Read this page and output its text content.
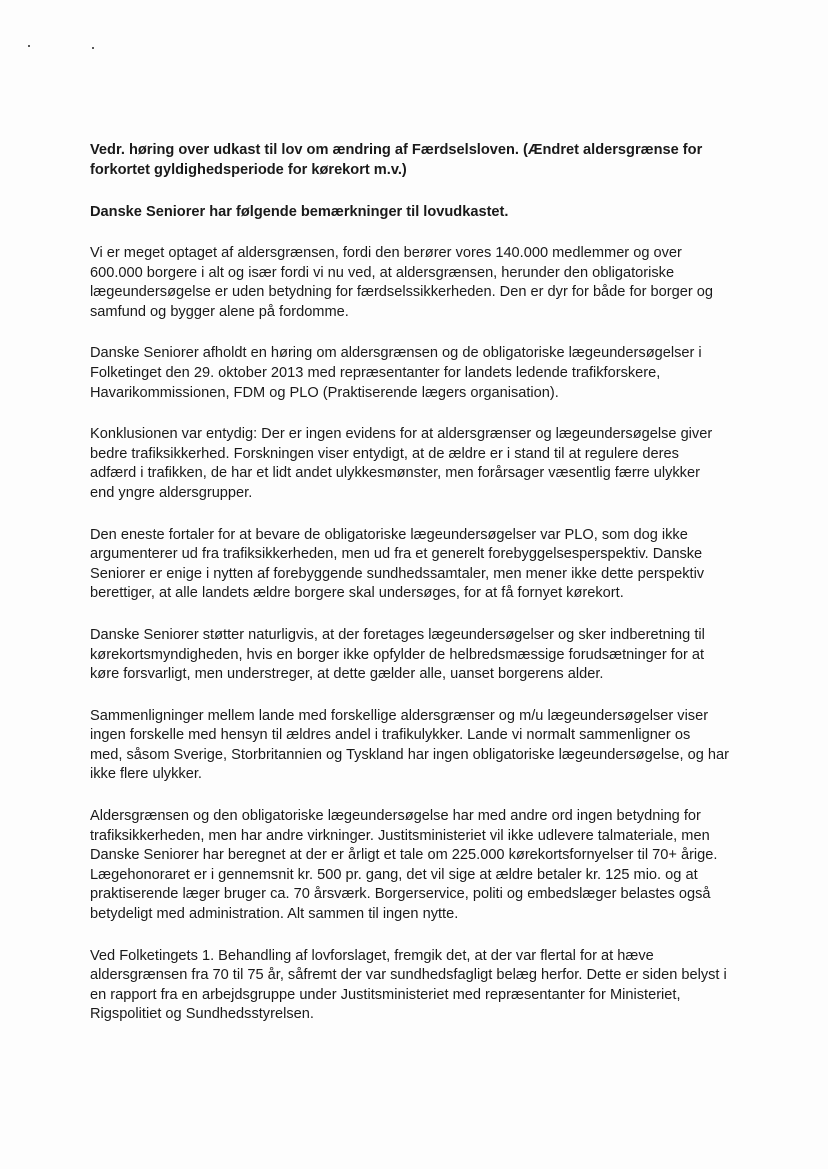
Vedr. høring over udkast til lov om ændring af Færdselsloven. (Ændret aldersgrænse for
forkortet gyldighedsperiode for kørekort m.v.)

Danske Seniorer har følgende bemærkninger til lovudkastet.

Vi er meget optaget af aldersgrænsen, fordi den berører vores 140.000 medlemmer og over
600.000 borgere i alt og især fordi vi nu ved, at aldersgrænsen, herunder den obligatoriske
lægeundersøgelse er uden betydning for færdselssikkerheden. Den er dyr for både for borger og
samfund og bygger alene på fordomme.

Danske Seniorer afholdt en høring om aldersgrænsen og de obligatoriske lægeundersøgelser i
Folketinget den 29. oktober 2013 med repræsentanter for landets ledende trafikforskere,
Havarikommissionen, FDM og PLO (Praktiserende lægers organisation).

Konklusionen var entydig: Der er ingen evidens for at aldersgrænser og lægeundersøgelse giver
bedre trafiksikkerhed. Forskningen viser entydigt, at de ældre er i stand til at regulere deres
adfærd i trafikken, de har et lidt andet ulykkesmønster, men forårsager væsentlig færre ulykker
end yngre aldersgrupper.

Den eneste fortaler for at bevare de obligatoriske lægeundersøgelser var PLO, som dog ikke
argumenterer ud fra trafiksikkerheden, men ud fra et generelt forebyggelsesperspektiv. Danske
Seniorer er enige i nytten af forebyggende sundhedssamtaler, men mener ikke dette perspektiv
berettiger, at alle landets ældre borgere skal undersøges, for at få fornyet kørekort.

Danske Seniorer støtter naturligvis, at der foretages lægeundersøgelser og sker indberetning til
kørekortsmyndigheden, hvis en borger ikke opfylder de helbredsmæssige forudsætninger for at
køre forsvarligt, men understreger, at dette gælder alle, uanset borgerens alder.

Sammenligninger mellem lande med forskellige aldersgrænser og m/u lægeundersøgelser viser
ingen forskelle med hensyn til ældres andel i trafikulykker. Lande vi normalt sammenligner os
med, såsom Sverige, Storbritannien og Tyskland har ingen obligatoriske lægeundersøgelse, og har
ikke flere ulykker.

Aldersgrænsen og den obligatoriske lægeundersøgelse har med andre ord ingen betydning for
trafiksikkerheden, men har andre virkninger. Justitsministeriet vil ikke udlevere talmateriale, men
Danske Seniorer har beregnet at der er årligt et tale om 225.000 kørekortsfornyelser til 70+ årige.
Lægehonoraret er i gennemsnit kr. 500 pr. gang, det vil sige at ældre betaler kr. 125 mio. og at
praktiserende læger bruger ca. 70 årsværk. Borgerservice, politi og embedslæger belastes også
betydeligt med administration. Alt sammen til ingen nytte.

Ved Folketingets 1. Behandling af lovforslaget, fremgik det, at der var flertal for at hæve
aldersgrænsen fra 70 til 75 år, såfremt der var sundhedsfagligt belæg herfor. Dette er siden belyst i
en rapport fra en arbejdsgruppe under Justitsministeriet med repræsentanter for Ministeriet,
Rigspolitiet og Sundhedsstyrelsen.
